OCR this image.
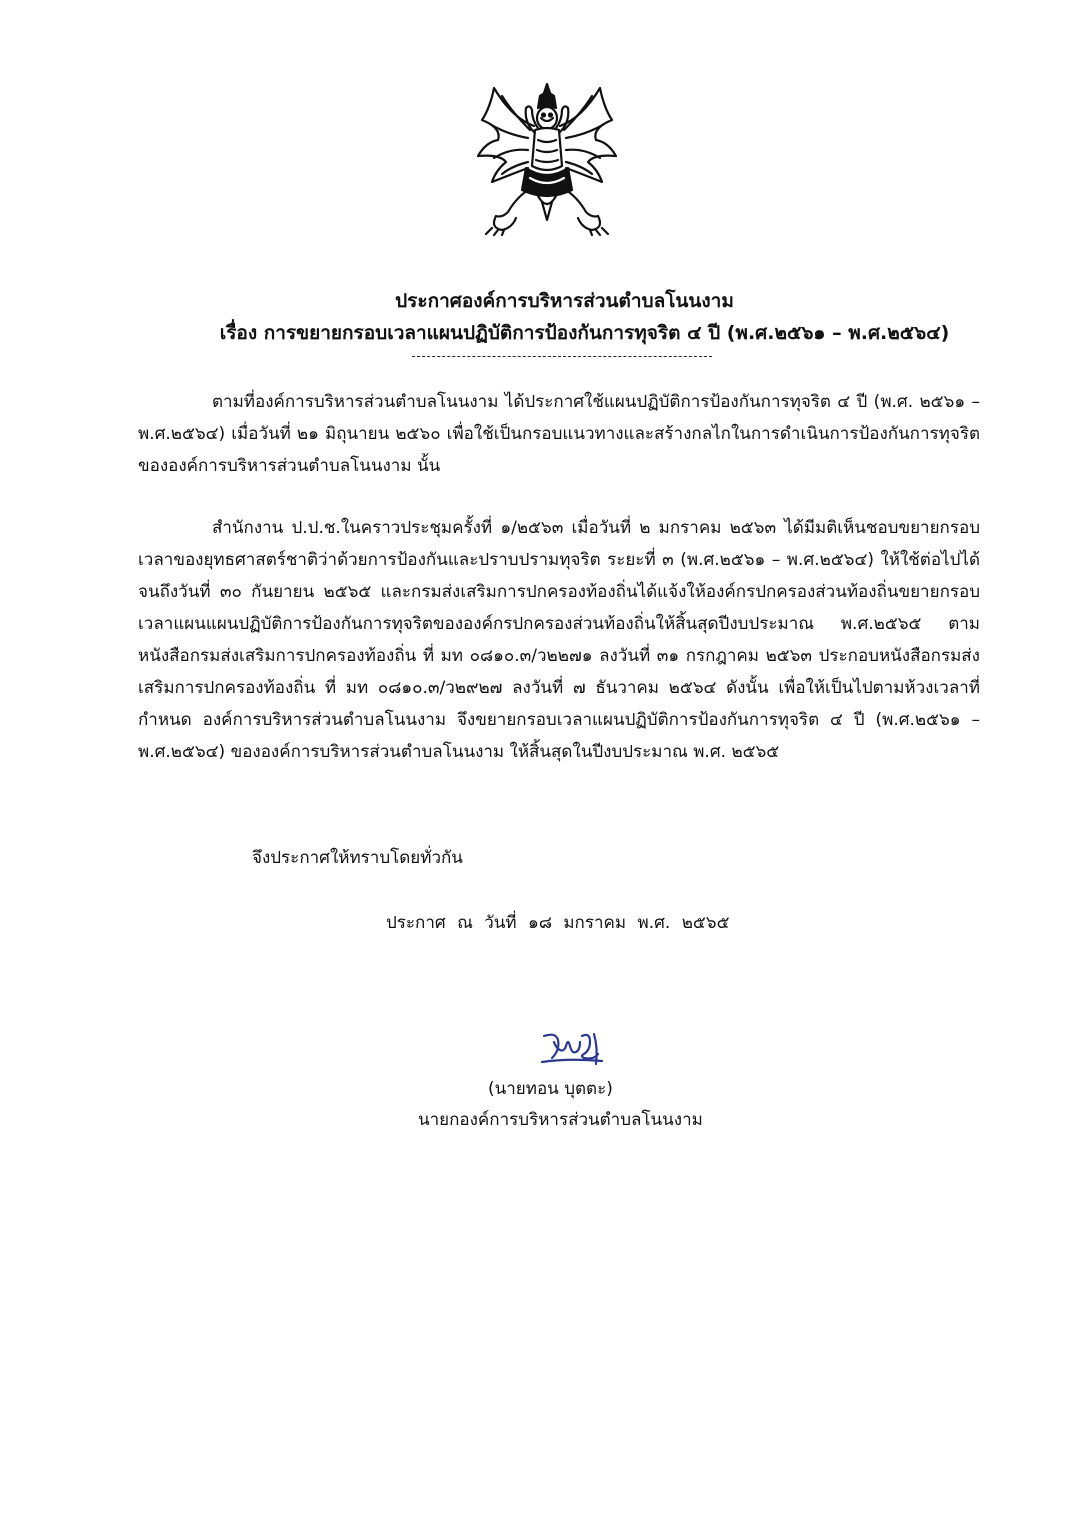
ประกาศองค์การบริหารส่วนตำบลโนนงาม
เรื่อง การขยายกรอบเวลาแผนปฏิบัติการป้องกันการทุจริต ๔ ปี (พ.ศ.๒๕๖๑ – พ.ศ.๒๕๖๔)

ตามที่องค์การบริหารส่วนตำบลโนนงาม ได้ประกาศใช้แผนปฏิบัติการป้องกันการทุจริต ๔ ปี (พ.ศ. ๒๕๖๑ – พ.ศ.๒๕๖๔) เมื่อวันที่ ๒๑ มิถุนายน ๒๕๖๐ เพื่อใช้เป็นกรอบแนวทางและสร้างกลไกในการดำเนินการป้องกันการทุจริตขององค์การบริหารส่วนตำบลโนนงาม นั้น

สำนักงาน ป.ป.ช.ในคราวประชุมครั้งที่ ๑/๒๕๖๓ เมื่อวันที่ ๒ มกราคม ๒๕๖๓ ได้มีมติเห็นชอบขยายกรอบเวลาของยุทธศาสตร์ชาติว่าด้วยการป้องกันและปราบปรามทุจริต ระยะที่ ๓ (พ.ศ.๒๕๖๑ – พ.ศ.๒๕๖๔) ให้ใช้ต่อไปได้จนถึงวันที่ ๓๐ กันยายน ๒๕๖๕ และกรมส่งเสริมการปกครองท้องถิ่นได้แจ้งให้องค์กรปกครองส่วนท้องถิ่นขยายกรอบเวลาแผนแผนปฏิบัติการป้องกันการทุจริตขององค์กรปกครองส่วนท้องถิ่นให้สิ้นสุดปีงบประมาณ พ.ศ.๒๕๖๕ ตามหนังสือกรมส่งเสริมการปกครองท้องถิ่น ที่ มท ๐๘๑๐.๓/ว๒๒๗๑ ลงวันที่ ๓๑ กรกฎาคม ๒๕๖๓ ประกอบหนังสือกรมส่งเสริมการปกครองท้องถิ่น ที่ มท ๐๘๑๐.๓/ว๒๙๒๗ ลงวันที่ ๗ ธันวาคม ๒๕๖๔ ดังนั้น เพื่อให้เป็นไปตามห้วงเวลาที่กำหนด องค์การบริหารส่วนตำบลโนนงาม จึงขยายกรอบเวลาแผนปฏิบัติการป้องกันการทุจริต ๔ ปี (พ.ศ.๒๕๖๑ – พ.ศ.๒๕๖๔) ขององค์การบริหารส่วนตำบลโนนงาม ให้สิ้นสุดในปีงบประมาณ พ.ศ. ๒๕๖๕

จึงประกาศให้ทราบโดยทั่วกัน
ประกาศ ณ วันที่ ๑๘ มกราคม พ.ศ. ๒๕๖๕
(นายทอน บุตตะ)
นายกองค์การบริหารส่วนตำบลโนนงาม
